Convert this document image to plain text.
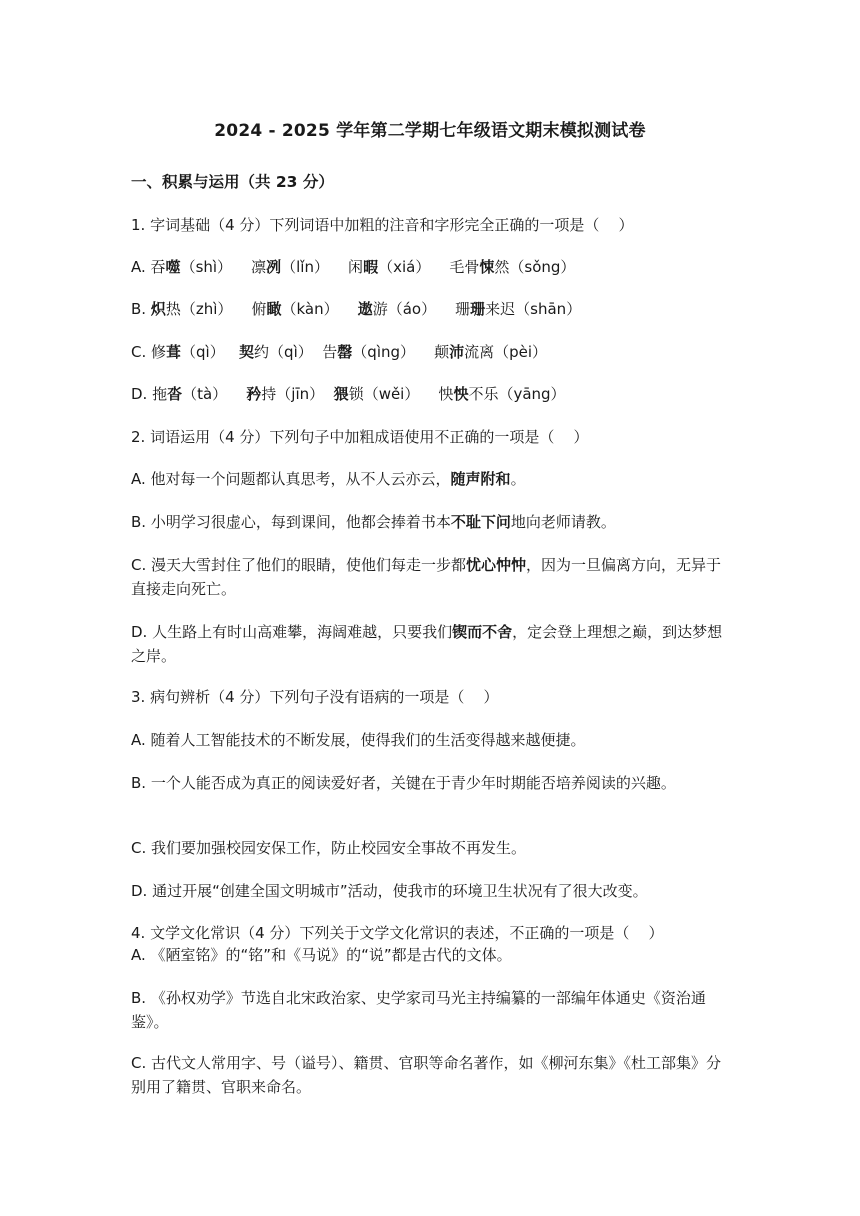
2024 - 2025 学年第二学期七年级语文期末模拟测试卷
一、积累与运用（共 23 分）
1. 字词基础（4 分）下列词语中加粗的注音和字形完全正确的一项是（    ）
A. 吞噬（shì）    凛冽（lǐn）    闲暇（xiá）    毛骨悚然（sǒng）
B. 炽热（zhì）    俯瞰（kàn）    遨游（áo）    珊珊来迟（shān）
C. 修葺（qì）   契约（qì）  告罄（qìng）    颠沛流离（pèi）
D. 拖沓（tà）    矜持（jīn）  猥锁（wěi）    怏怏不乐（yāng）
2. 词语运用（4 分）下列句子中加粗成语使用不正确的一项是（    ）
A. 他对每一个问题都认真思考，从不人云亦云，随声附和。
B. 小明学习很虚心，每到课间，他都会捧着书本不耻下问地向老师请教。
C. 漫天大雪封住了他们的眼睛，使他们每走一步都忧心忡忡，因为一旦偏离方向，无异于直接走向死亡。
D. 人生路上有时山高难攀，海阔难越，只要我们锲而不舍，定会登上理想之巅，到达梦想之岸。
3. 病句辨析（4 分）下列句子没有语病的一项是（    ）
A. 随着人工智能技术的不断发展，使得我们的生活变得越来越便捷。
B. 一个人能否成为真正的阅读爱好者，关键在于青少年时期能否培养阅读的兴趣。
C. 我们要加强校园安保工作，防止校园安全事故不再发生。
D. 通过开展“创建全国文明城市”活动，使我市的环境卫生状况有了很大改变。
4. 文学文化常识（4 分）下列关于文学文化常识的表述，不正确的一项是（    ）
A. 《陋室铭》的“铭”和《马说》的“说”都是古代的文体。
B. 《孙权劝学》节选自北宋政治家、史学家司马光主持编纂的一部编年体通史《资治通鉴》。
C. 古代文人常用字、号（谥号）、籍贯、官职等命名著作，如《柳河东集》《杜工部集》分别用了籍贯、官职来命名。
